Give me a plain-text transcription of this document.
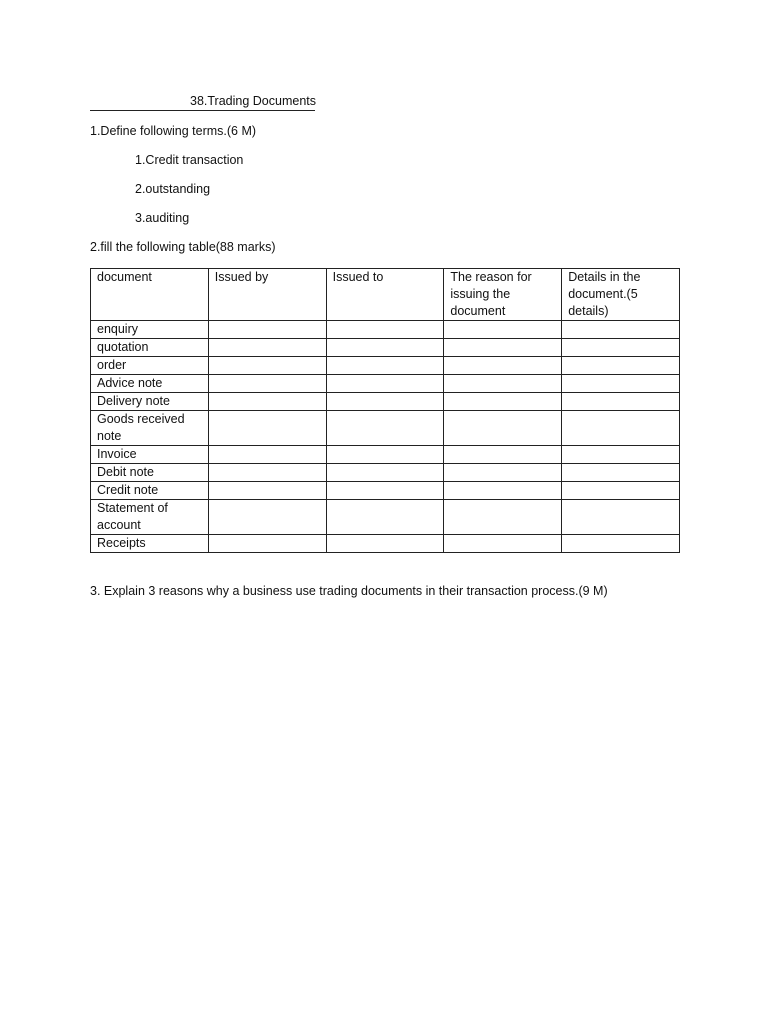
38.Trading Documents
1.Define following terms.(6 M)
1.Credit transaction
2.outstanding
3.auditing
2.fill the following table(88 marks)
document	Issued by	Issued to	The reason for issuing the document	Details in the document.(5 details)
enquiry				
quotation				
order				
Advice note				
Delivery note				
Goods received note				
Invoice				
Debit note				
Credit note				
Statement of account				
Receipts				
3. Explain 3 reasons why a business use trading documents in their transaction process.(9 M)
